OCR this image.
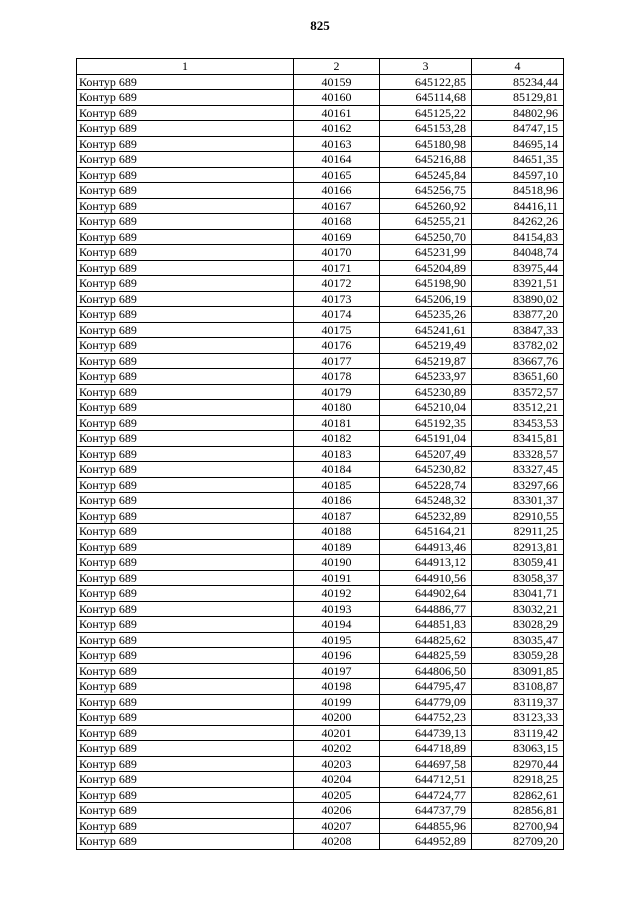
825
1	2	3	4
Контур 689	40159	645122,85	85234,44
Контур 689	40160	645114,68	85129,81
Контур 689	40161	645125,22	84802,96
Контур 689	40162	645153,28	84747,15
Контур 689	40163	645180,98	84695,14
Контур 689	40164	645216,88	84651,35
Контур 689	40165	645245,84	84597,10
Контур 689	40166	645256,75	84518,96
Контур 689	40167	645260,92	84416,11
Контур 689	40168	645255,21	84262,26
Контур 689	40169	645250,70	84154,83
Контур 689	40170	645231,99	84048,74
Контур 689	40171	645204,89	83975,44
Контур 689	40172	645198,90	83921,51
Контур 689	40173	645206,19	83890,02
Контур 689	40174	645235,26	83877,20
Контур 689	40175	645241,61	83847,33
Контур 689	40176	645219,49	83782,02
Контур 689	40177	645219,87	83667,76
Контур 689	40178	645233,97	83651,60
Контур 689	40179	645230,89	83572,57
Контур 689	40180	645210,04	83512,21
Контур 689	40181	645192,35	83453,53
Контур 689	40182	645191,04	83415,81
Контур 689	40183	645207,49	83328,57
Контур 689	40184	645230,82	83327,45
Контур 689	40185	645228,74	83297,66
Контур 689	40186	645248,32	83301,37
Контур 689	40187	645232,89	82910,55
Контур 689	40188	645164,21	82911,25
Контур 689	40189	644913,46	82913,81
Контур 689	40190	644913,12	83059,41
Контур 689	40191	644910,56	83058,37
Контур 689	40192	644902,64	83041,71
Контур 689	40193	644886,77	83032,21
Контур 689	40194	644851,83	83028,29
Контур 689	40195	644825,62	83035,47
Контур 689	40196	644825,59	83059,28
Контур 689	40197	644806,50	83091,85
Контур 689	40198	644795,47	83108,87
Контур 689	40199	644779,09	83119,37
Контур 689	40200	644752,23	83123,33
Контур 689	40201	644739,13	83119,42
Контур 689	40202	644718,89	83063,15
Контур 689	40203	644697,58	82970,44
Контур 689	40204	644712,51	82918,25
Контур 689	40205	644724,77	82862,61
Контур 689	40206	644737,79	82856,81
Контур 689	40207	644855,96	82700,94
Контур 689	40208	644952,89	82709,20
